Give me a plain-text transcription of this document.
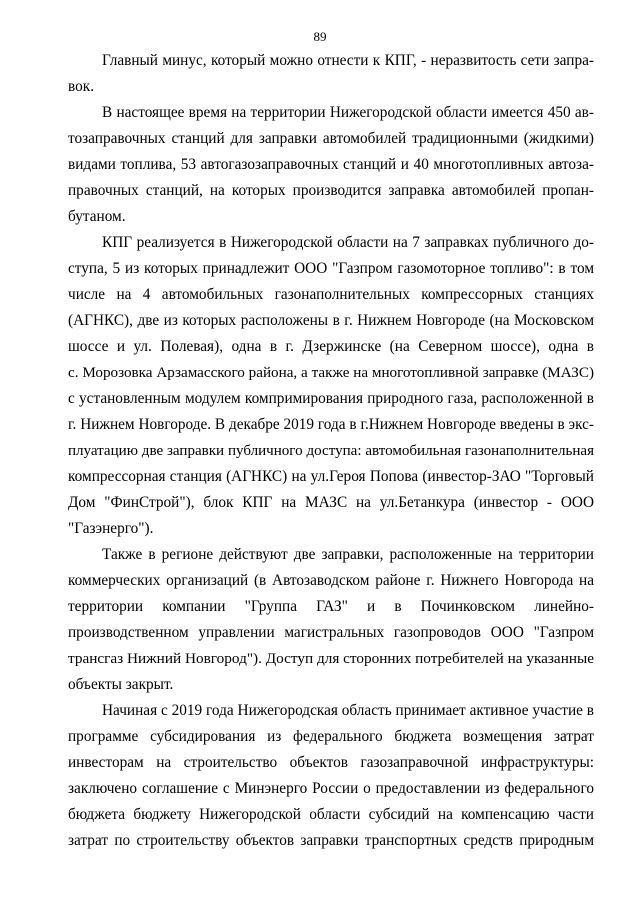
89
Главный минус, который можно отнести к КПГ, - неразвитость сети запра-
вок.
В настоящее время на территории Нижегородской области имеется 450 ав-
тозаправочных станций для заправки автомобилей традиционными (жидкими)
видами топлива, 53 автогазозаправочных станций и 40 многотопливных автоза-
правочных станций, на которых производится заправка автомобилей пропан-
бутаном.
КПГ реализуется в Нижегородской области на 7 заправках публичного до-
ступа, 5 из которых принадлежит ООО "Газпром газомоторное топливо": в том
числе на 4 автомобильных газонаполнительных компрессорных станциях
(АГНКС), две из которых расположены в г. Нижнем Новгороде (на Московском
шоссе и ул. Полевая), одна в г. Дзержинске (на Северном шоссе), одна в
с. Морозовка Арзамасского района, а также на многотопливной заправке (МАЗС)
с установленным модулем компримирования природного газа, расположенной в
г. Нижнем Новгороде. В декабре 2019 года в г.Нижнем Новгороде введены в экс-
плуатацию две заправки публичного доступа: автомобильная газонаполнительная
компрессорная станция (АГНКС) на ул.Героя Попова (инвестор-ЗАО "Торговый
Дом "ФинСтрой"), блок КПГ на МАЗС на ул.Бетанкура (инвестор - ООО
"Газэнерго").
Также в регионе действуют две заправки, расположенные на территории
коммерческих организаций (в Автозаводском районе г. Нижнего Новгорода на
территории компании "Группа ГАЗ" и в Починковском линейно-
производственном управлении магистральных газопроводов ООО "Газпром
трансгаз Нижний Новгород"). Доступ для сторонних потребителей на указанные
объекты закрыт.
Начиная с 2019 года Нижегородская область принимает активное участие в
программе субсидирования из федерального бюджета возмещения затрат
инвесторам на строительство объектов газозаправочной инфраструктуры:
заключено соглашение с Минэнерго России о предоставлении из федерального
бюджета бюджету Нижегородской области субсидий на компенсацию части
затрат по строительству объектов заправки транспортных средств природным
